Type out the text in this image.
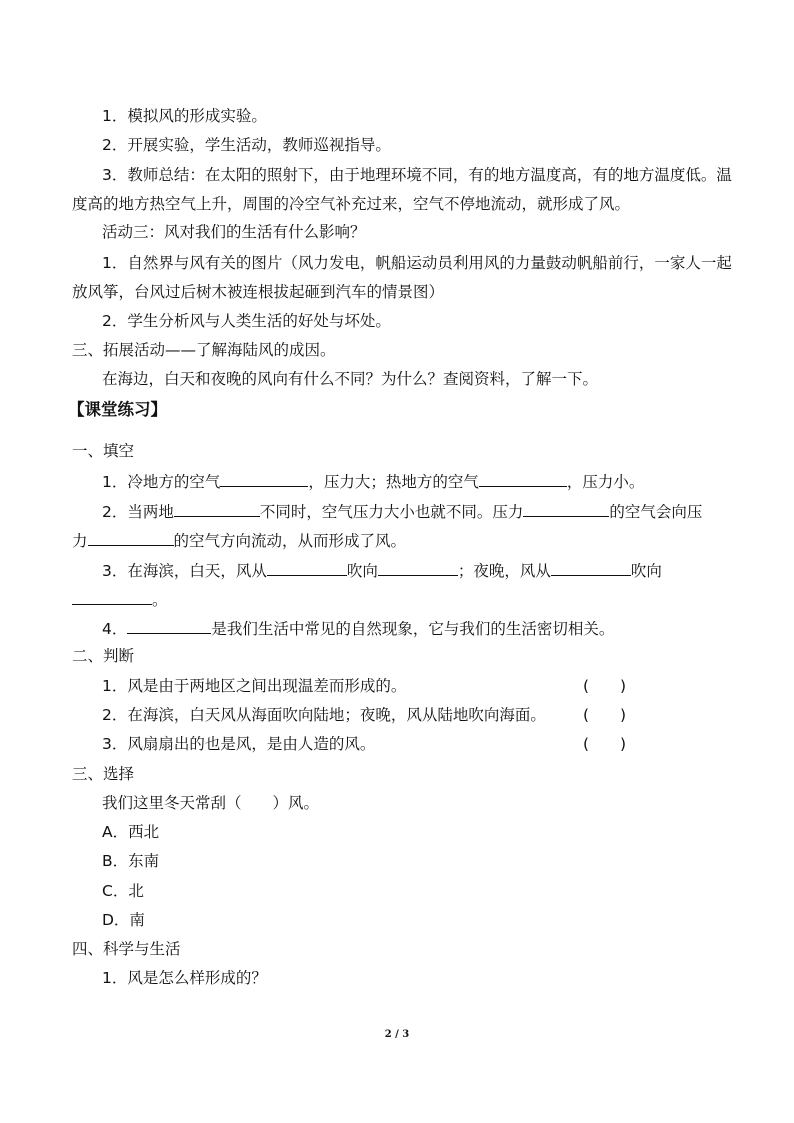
1．模拟风的形成实验。
2．开展实验，学生活动，教师巡视指导。
3．教师总结：在太阳的照射下，由于地理环境不同，有的地方温度高，有的地方温度低。温度高的地方热空气上升，周围的冷空气补充过来，空气不停地流动，就形成了风。
活动三：风对我们的生活有什么影响？
1．自然界与风有关的图片（风力发电，帆船运动员利用风的力量鼓动帆船前行，一家人一起放风筝，台风过后树木被连根拔起砸到汽车的情景图）
2．学生分析风与人类生活的好处与坏处。
三、拓展活动——了解海陆风的成因。
在海边，白天和夜晚的风向有什么不同？为什么？查阅资料，了解一下。
【课堂练习】
一、填空
1．冷地方的空气	，压力大；热地方的空气	，压力小。
2．当两地	不同时，空气压力大小也就不同。压力	的空气会向压
力	的空气方向流动，从而形成了风。
3．在海滨，白天，风从	吹向	；夜晚，风从	吹向
。
4．	是我们生活中常见的自然现象，它与我们的生活密切相关。
二、判断
1．风是由于两地区之间出现温差而形成的。	(　　)
2．在海滨，白天风从海面吹向陆地；夜晚，风从陆地吹向海面。	(　　)
3．风扇扇出的也是风，是由人造的风。	(　　)
三、选择
我们这里冬天常刮（　　）风。
A．西北
B．东南
C．北
D．南
四、科学与生活
1．风是怎么样形成的？
2 / 3
